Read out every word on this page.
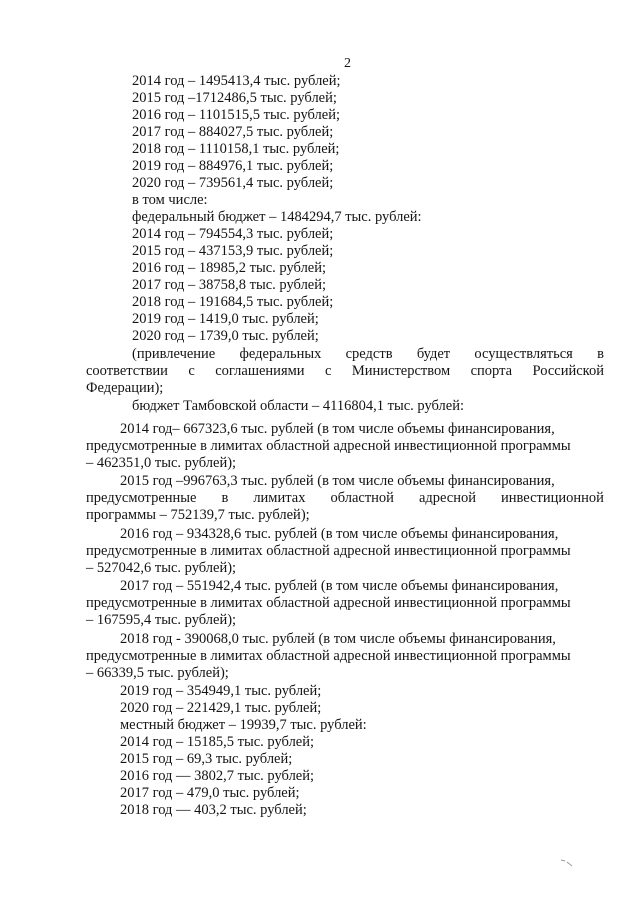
2
2014 год – 1495413,4 тыс. рублей;
2015 год –1712486,5 тыс. рублей;
2016 год – 1101515,5 тыс. рублей;
2017 год – 884027,5 тыс. рублей;
2018 год – 1110158,1 тыс. рублей;
2019 год – 884976,1 тыс. рублей;
2020 год – 739561,4 тыс. рублей;
в том числе:
федеральный бюджет – 1484294,7 тыс. рублей:
2014 год – 794554,3 тыс. рублей;
2015 год – 437153,9 тыс. рублей;
2016 год – 18985,2 тыс. рублей;
2017 год – 38758,8 тыс. рублей;
2018 год – 191684,5 тыс. рублей;
2019 год – 1419,0 тыс. рублей;
2020 год – 1739,0 тыс. рублей;
(привлечение федеральных средств будет осуществляться в
соответствии с соглашениями с Министерством спорта Российской
Федерации);
бюджет Тамбовской области – 4116804,1 тыс. рублей:
2014 год– 667323,6 тыс. рублей (в том числе объемы финансирования,
предусмотренные в лимитах областной адресной инвестиционной программы
– 462351,0 тыс. рублей);
2015 год –996763,3 тыс. рублей (в том числе объемы финансирования,
предусмотренные в лимитах областной адресной инвестиционной
программы – 752139,7 тыс. рублей);
2016 год – 934328,6 тыс. рублей (в том числе объемы финансирования,
предусмотренные в лимитах областной адресной инвестиционной программы
– 527042,6 тыс. рублей);
2017 год – 551942,4 тыс. рублей (в том числе объемы финансирования,
предусмотренные в лимитах областной адресной инвестиционной программы
– 167595,4 тыс. рублей);
2018 год - 390068,0 тыс. рублей (в том числе объемы финансирования,
предусмотренные в лимитах областной адресной инвестиционной программы
– 66339,5 тыс. рублей);
2019 год – 354949,1 тыс. рублей;
2020 год – 221429,1 тыс. рублей;
местный бюджет – 19939,7 тыс. рублей:
2014 год – 15185,5 тыс. рублей;
2015 год – 69,3 тыс. рублей;
2016 год — 3802,7 тыс. рублей;
2017 год – 479,0 тыс. рублей;
2018 год — 403,2 тыс. рублей;
